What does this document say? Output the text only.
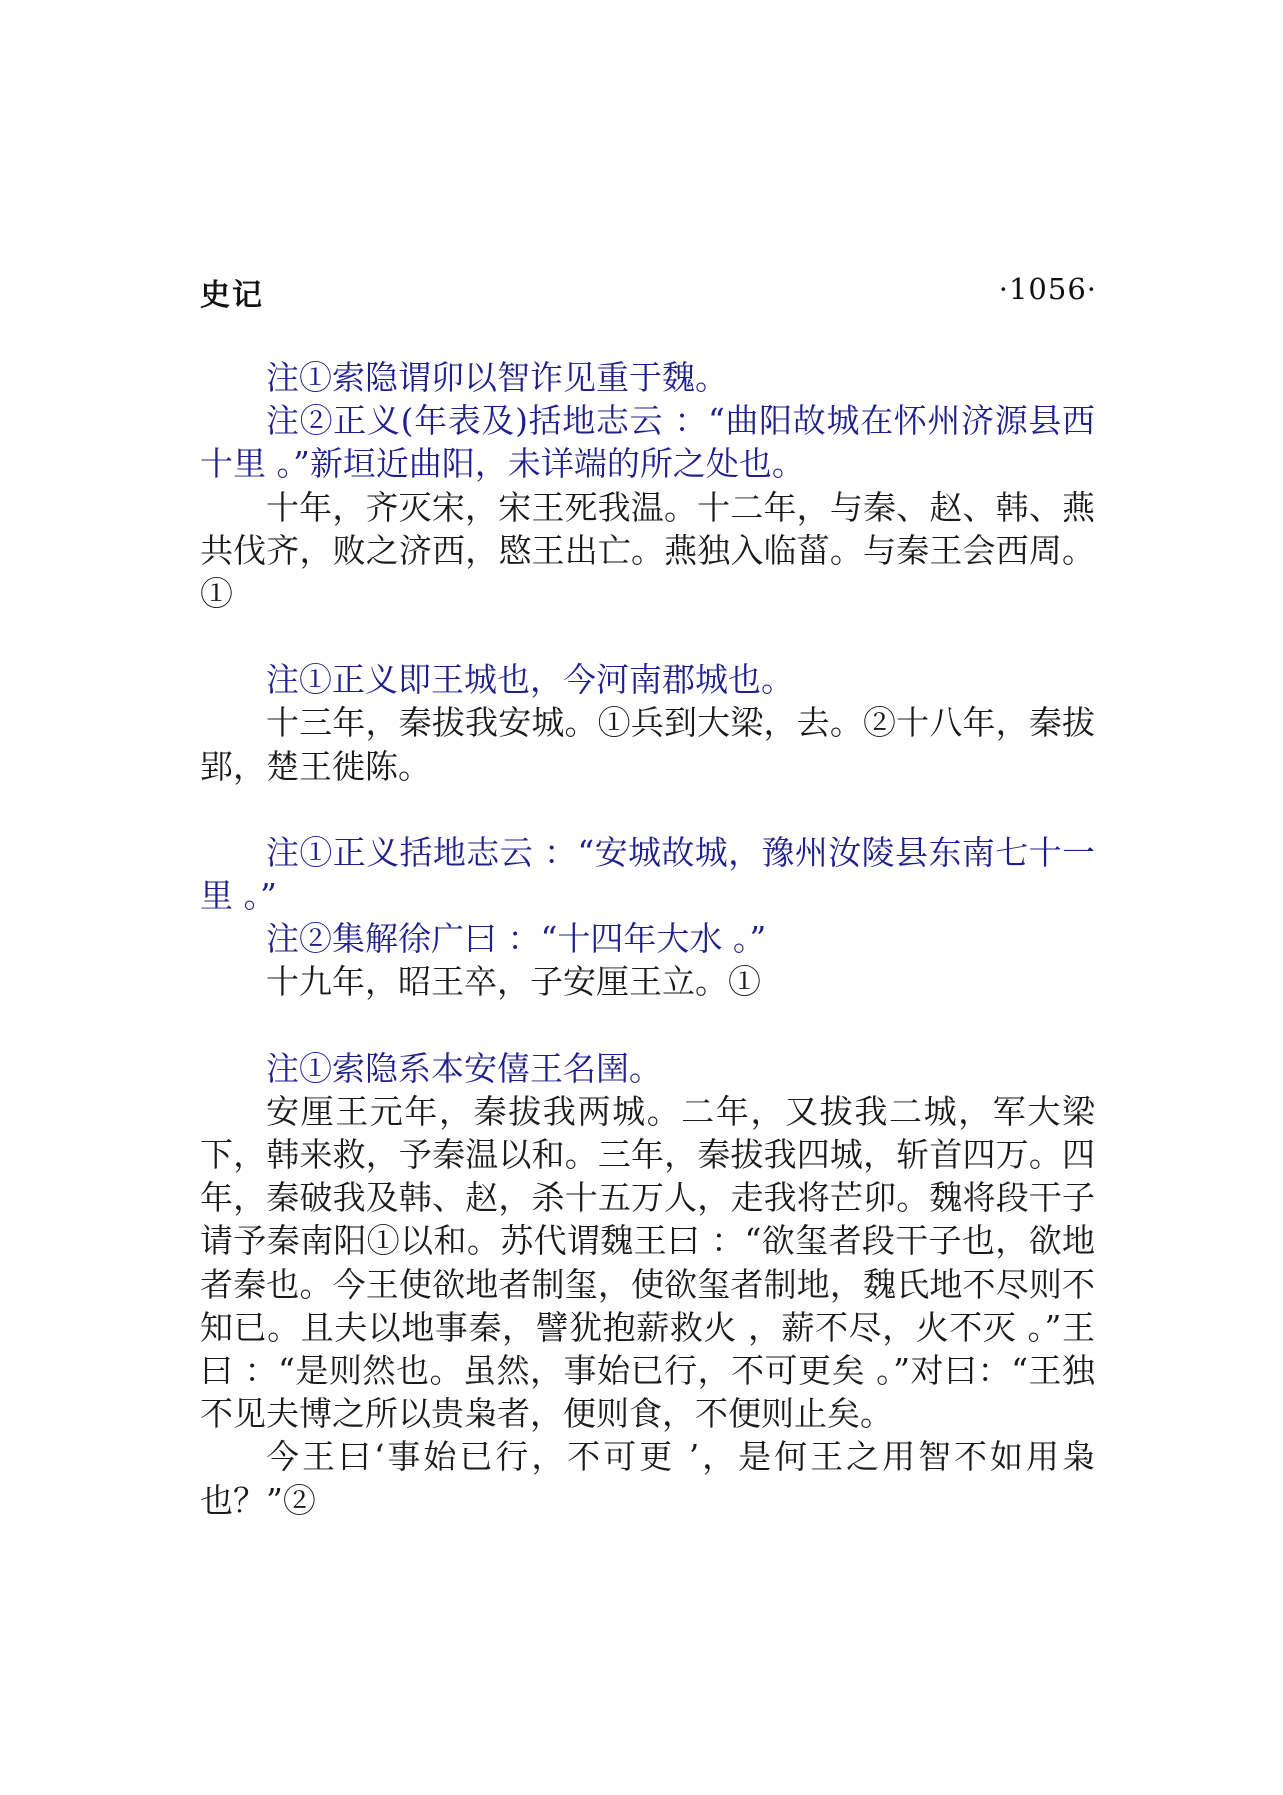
史记	·1056·

注①索隐谓卯以智诈见重于魏。

注②正义(年表及)括地志云 ：“曲阳故城在怀州济源县西十里 。”新垣近曲阳，未详端的所之处也。

十年，齐灭宋，宋王死我温。十二年，与秦、赵、韩、燕共伐齐，败之济西，愍王出亡。燕独入临菑。与秦王会西周。①

注①正义即王城也，今河南郡城也。

十三年，秦拔我安城。①兵到大梁，去。②十八年，秦拔郢，楚王徙陈。

注①正义括地志云 ：“安城故城，豫州汝陵县东南七十一里 。”

注②集解徐广曰 ：“十四年大水 。”

十九年，昭王卒，子安厘王立。①

注①索隐系本安僖王名圉。

安厘王元年，秦拔我两城。二年，又拔我二城，军大梁下，韩来救，予秦温以和。三年，秦拔我四城，斩首四万。四年，秦破我及韩、赵，杀十五万人，走我将芒卯。魏将段干子请予秦南阳①以和。苏代谓魏王曰 ：“欲玺者段干子也，欲地者秦也。今王使欲地者制玺，使欲玺者制地，魏氏地不尽则不知已。且夫以地事秦，譬犹抱薪救火 ，薪不尽，火不灭 。”王曰 ：“是则然也。虽然，事始已行，不可更矣 。”对曰：“王独不见夫博之所以贵枭者，便则食，不便则止矣。

今王曰‘事始已行，不可更 ’，是何王之用智不如用枭也？”②
